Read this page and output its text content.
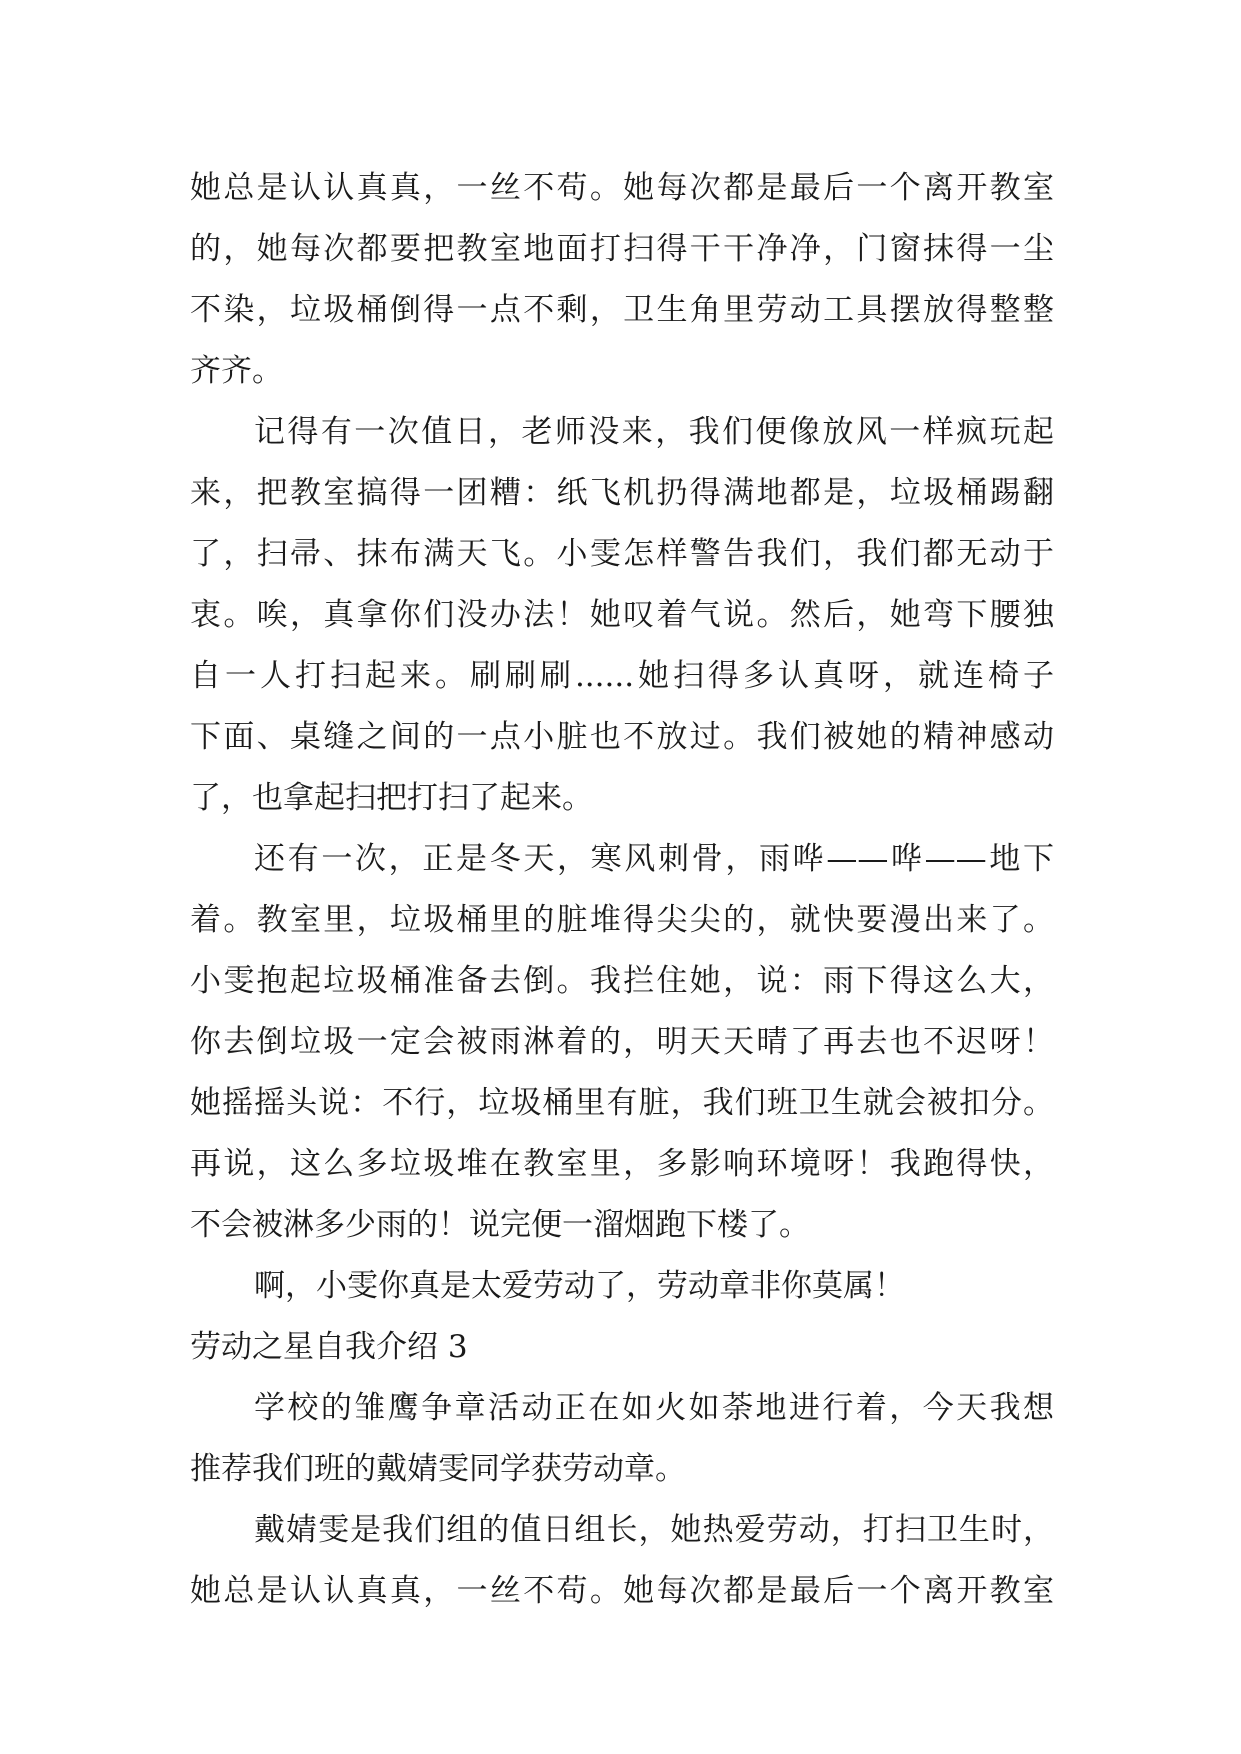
她总是认认真真，一丝不苟。她每次都是最后一个离开教室
的，她每次都要把教室地面打扫得干干净净，门窗抹得一尘
不染，垃圾桶倒得一点不剩，卫生角里劳动工具摆放得整整
齐齐。
记得有一次值日，老师没来，我们便像放风一样疯玩起
来，把教室搞得一团糟：纸飞机扔得满地都是，垃圾桶踢翻
了，扫帚、抹布满天飞。小雯怎样警告我们，我们都无动于
衷。唉，真拿你们没办法！她叹着气说。然后，她弯下腰独
自一人打扫起来。刷刷刷......她扫得多认真呀，就连椅子
下面、桌缝之间的一点小脏也不放过。我们被她的精神感动
了，也拿起扫把打扫了起来。
还有一次，正是冬天，寒风刺骨，雨哗——哗——地下
着。教室里，垃圾桶里的脏堆得尖尖的，就快要漫出来了。
小雯抱起垃圾桶准备去倒。我拦住她，说：雨下得这么大，
你去倒垃圾一定会被雨淋着的，明天天晴了再去也不迟呀！
她摇摇头说：不行，垃圾桶里有脏，我们班卫生就会被扣分。
再说，这么多垃圾堆在教室里，多影响环境呀！我跑得快，
不会被淋多少雨的！说完便一溜烟跑下楼了。
啊，小雯你真是太爱劳动了，劳动章非你莫属！
劳动之星自我介绍 3
学校的雏鹰争章活动正在如火如荼地进行着，今天我想
推荐我们班的戴婧雯同学获劳动章。
戴婧雯是我们组的值日组长，她热爱劳动，打扫卫生时，
她总是认认真真，一丝不苟。她每次都是最后一个离开教室
